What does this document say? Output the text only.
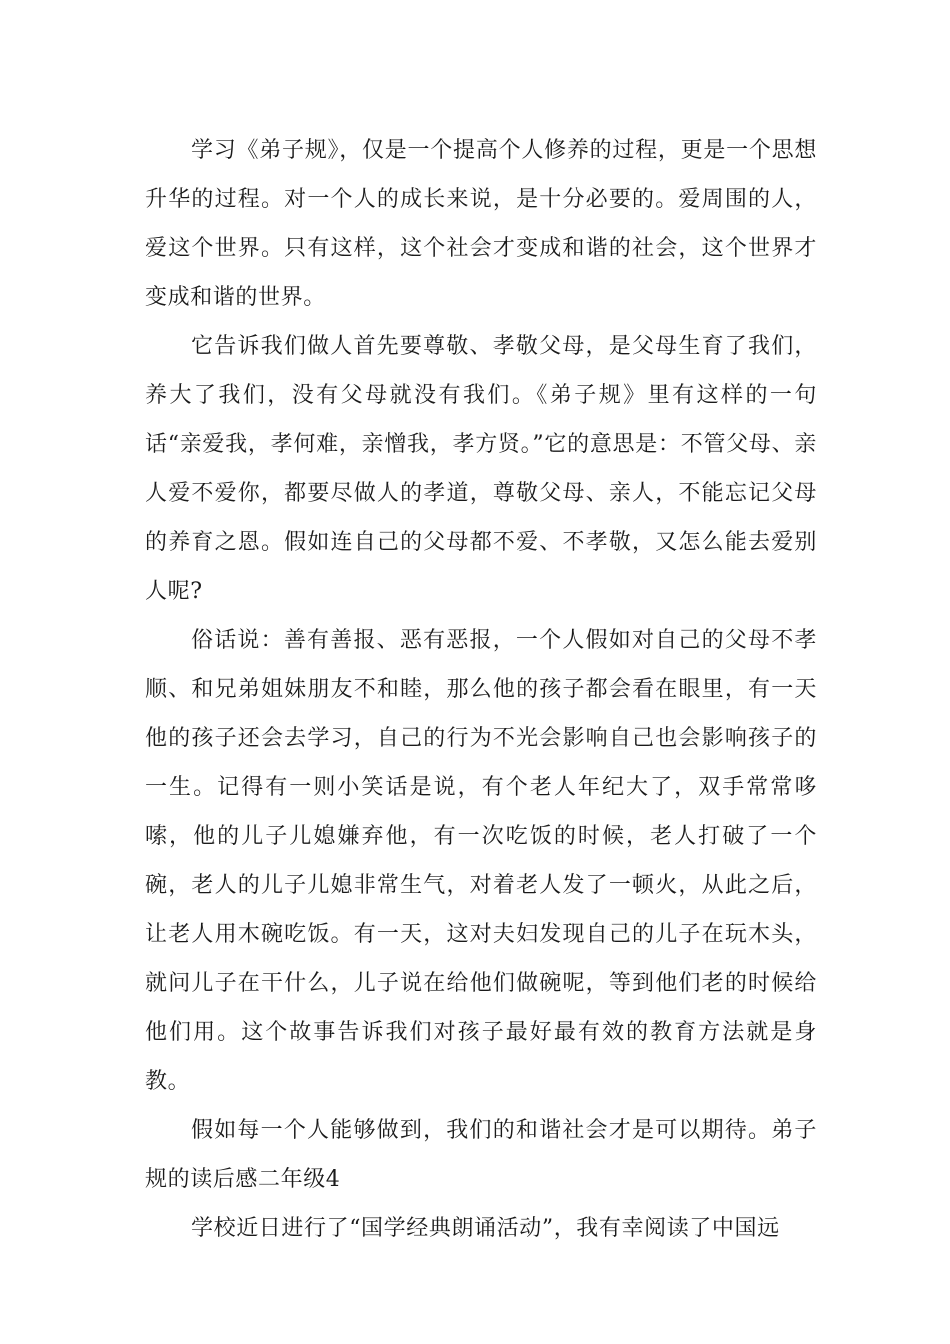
学习《弟子规》，仅是一个提高个人修养的过程，更是一个思想升华的过程。对一个人的成长来说，是十分必要的。爱周围的人，爱这个世界。只有这样，这个社会才变成和谐的社会，这个世界才变成和谐的世界。

它告诉我们做人首先要尊敬、孝敬父母，是父母生育了我们，养大了我们，没有父母就没有我们。《弟子规》里有这样的一句话“亲爱我，孝何难，亲憎我，孝方贤。”它的意思是：不管父母、亲人爱不爱你，都要尽做人的孝道，尊敬父母、亲人，不能忘记父母的养育之恩。假如连自己的父母都不爱、不孝敬，又怎么能去爱别人呢?

俗话说：善有善报、恶有恶报，一个人假如对自己的父母不孝顺、和兄弟姐妹朋友不和睦，那么他的孩子都会看在眼里，有一天他的孩子还会去学习，自己的行为不光会影响自己也会影响孩子的一生。记得有一则小笑话是说，有个老人年纪大了，双手常常哆嗦，他的儿子儿媳嫌弃他，有一次吃饭的时候，老人打破了一个碗，老人的儿子儿媳非常生气，对着老人发了一顿火，从此之后，让老人用木碗吃饭。有一天，这对夫妇发现自己的儿子在玩木头，就问儿子在干什么，儿子说在给他们做碗呢，等到他们老的时候给他们用。这个故事告诉我们对孩子最好最有效的教育方法就是身教。

假如每一个人能够做到，我们的和谐社会才是可以期待。弟子规的读后感二年级4

学校近日进行了“国学经典朗诵活动”，我有幸阅读了中国远
